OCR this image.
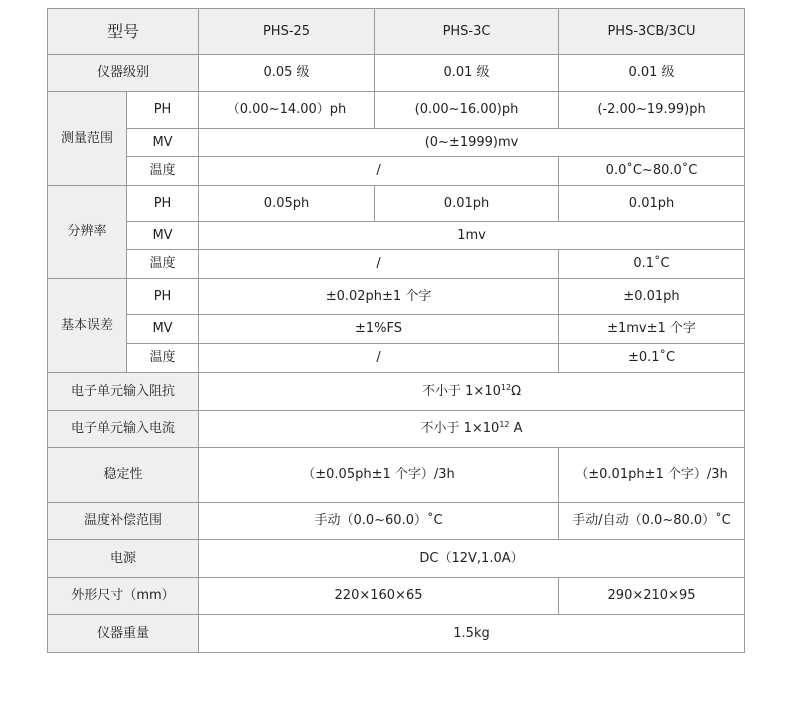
型号		PHS-25	PHS-3C	PHS-3CB/3CU
仪器级别		0.05 级	0.01 级	0.01 级
测量范围	PH	（0.00~14.00）ph	(0.00~16.00)ph	(-2.00~19.99)ph
	MV	(0~±1999)mv		
	温度	/		0.0˚C~80.0˚C
分辨率	PH	0.05ph	0.01ph	0.01ph
	MV	1mv		
	温度	/		0.1˚C
基本误差	PH	±0.02ph±1 个字		±0.01ph
	MV	±1%FS		±1mv±1 个字
	温度	/		±0.1˚C
电子单元输入阻抗		不小于 $1\times 10^{12}\Omega$		
电子单元输入电流		不小于 $1\times 10^{12}$ A		
稳定性		（±0.05ph±1 个字）/3h		（±0.01ph±1 个字）/3h
温度补偿范围		手动（0.0~60.0）˚C		手动/自动（0.0~80.0）˚C
电源		DC（12V,1.0A）		
外形尺寸（mm）		220×160×65		290×210×95
仪器重量		1.5kg		
